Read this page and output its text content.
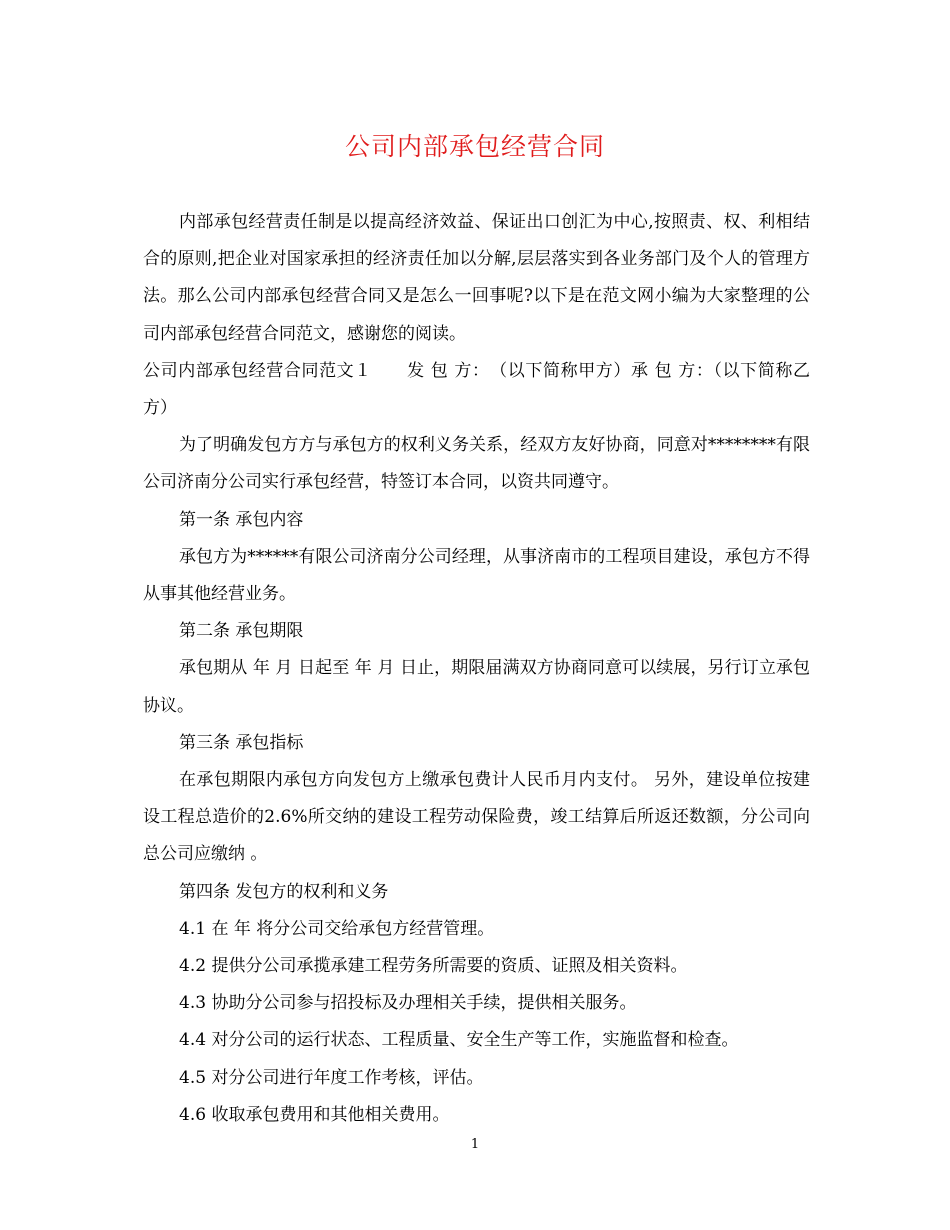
公司内部承包经营合同

内部承包经营责任制是以提高经济效益、保证出口创汇为中心,按照责、权、利相结合的原则,把企业对国家承担的经济责任加以分解,层层落实到各业务部门及个人的管理方法。那么公司内部承包经营合同又是怎么一回事呢?以下是在范文网小编为大家整理的公司内部承包经营合同范文，感谢您的阅读。

公司内部承包经营合同范文１　　发 包 方：　（以下简称甲方）承 包 方：（以下简称乙方）

为了明确发包方方与承包方的权利义务关系，经双方友好协商，同意对********有限公司济南分公司实行承包经营，特签订本合同，以资共同遵守。

第一条 承包内容

承包方为******有限公司济南分公司经理，从事济南市的工程项目建设，承包方不得从事其他经营业务。

第二条 承包期限

承包期从 年 月 日起至 年 月 日止，期限届满双方协商同意可以续展，另行订立承包协议。

第三条 承包指标

在承包期限内承包方向发包方上缴承包费计人民币月内支付。 另外，建设单位按建设工程总造价的2.6%所交纳的建设工程劳动保险费，竣工结算后所返还数额，分公司向总公司应缴纳 。

第四条 发包方的权利和义务

4.1 在 年 将分公司交给承包方经营管理。

4.2 提供分公司承揽承建工程劳务所需要的资质、证照及相关资料。

4.3 协助分公司参与招投标及办理相关手续，提供相关服务。

4.4 对分公司的运行状态、工程质量、安全生产等工作，实施监督和检查。

4.5 对分公司进行年度工作考核，评估。

4.6 收取承包费用和其他相关费用。

1
